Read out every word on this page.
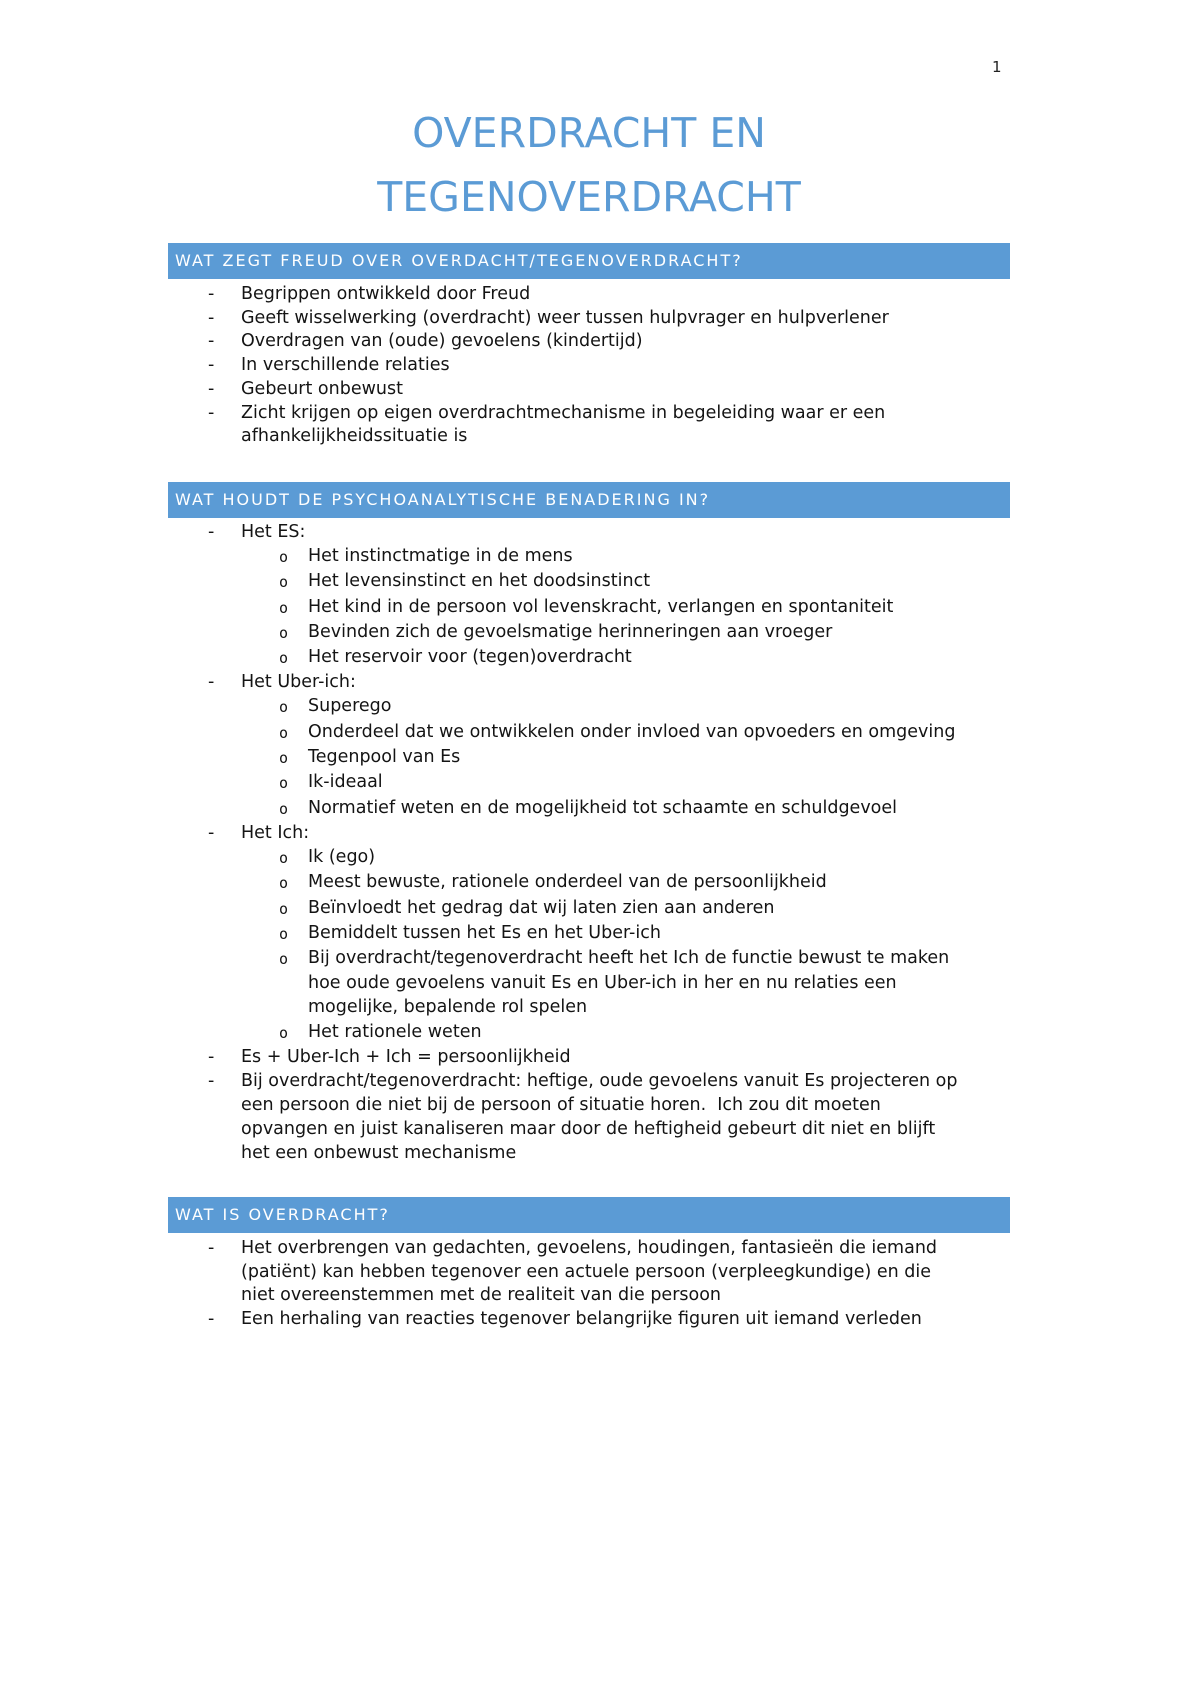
1
OVERDRACHT EN
TEGENOVERDRACHT
WAT ZEGT FREUD OVER OVERDACHT/TEGENOVERDRACHT?
- Begrippen ontwikkeld door Freud
- Geeft wisselwerking (overdracht) weer tussen hulpvrager en hulpverlener
- Overdragen van (oude) gevoelens (kindertijd)
- In verschillende relaties
- Gebeurt onbewust
- Zicht krijgen op eigen overdrachtmechanisme in begeleiding waar er een
afhankelijkheidssituatie is
WAT HOUDT DE PSYCHOANALYTISCHE BENADERING IN?
- Het ES:
o Het instinctmatige in de mens
o Het levensinstinct en het doodsinstinct
o Het kind in de persoon vol levenskracht, verlangen en spontaniteit
o Bevinden zich de gevoelsmatige herinneringen aan vroeger
o Het reservoir voor (tegen)overdracht
- Het Uber-ich:
o Superego
o Onderdeel dat we ontwikkelen onder invloed van opvoeders en omgeving
o Tegenpool van Es
o Ik-ideaal
o Normatief weten en de mogelijkheid tot schaamte en schuldgevoel
- Het Ich:
o Ik (ego)
o Meest bewuste, rationele onderdeel van de persoonlijkheid
o Beïnvloedt het gedrag dat wij laten zien aan anderen
o Bemiddelt tussen het Es en het Uber-ich
o Bij overdracht/tegenoverdracht heeft het Ich de functie bewust te maken
hoe oude gevoelens vanuit Es en Uber-ich in her en nu relaties een
mogelijke, bepalende rol spelen
o Het rationele weten
- Es + Uber-Ich + Ich = persoonlijkheid
- Bij overdracht/tegenoverdracht: heftige, oude gevoelens vanuit Es projecteren op
een persoon die niet bij de persoon of situatie horen.  Ich zou dit moeten
opvangen en juist kanaliseren maar door de heftigheid gebeurt dit niet en blijft
het een onbewust mechanisme
WAT IS OVERDRACHT?
- Het overbrengen van gedachten, gevoelens, houdingen, fantasieën die iemand
(patiënt) kan hebben tegenover een actuele persoon (verpleegkundige) en die
niet overeenstemmen met de realiteit van die persoon
- Een herhaling van reacties tegenover belangrijke figuren uit iemand verleden
